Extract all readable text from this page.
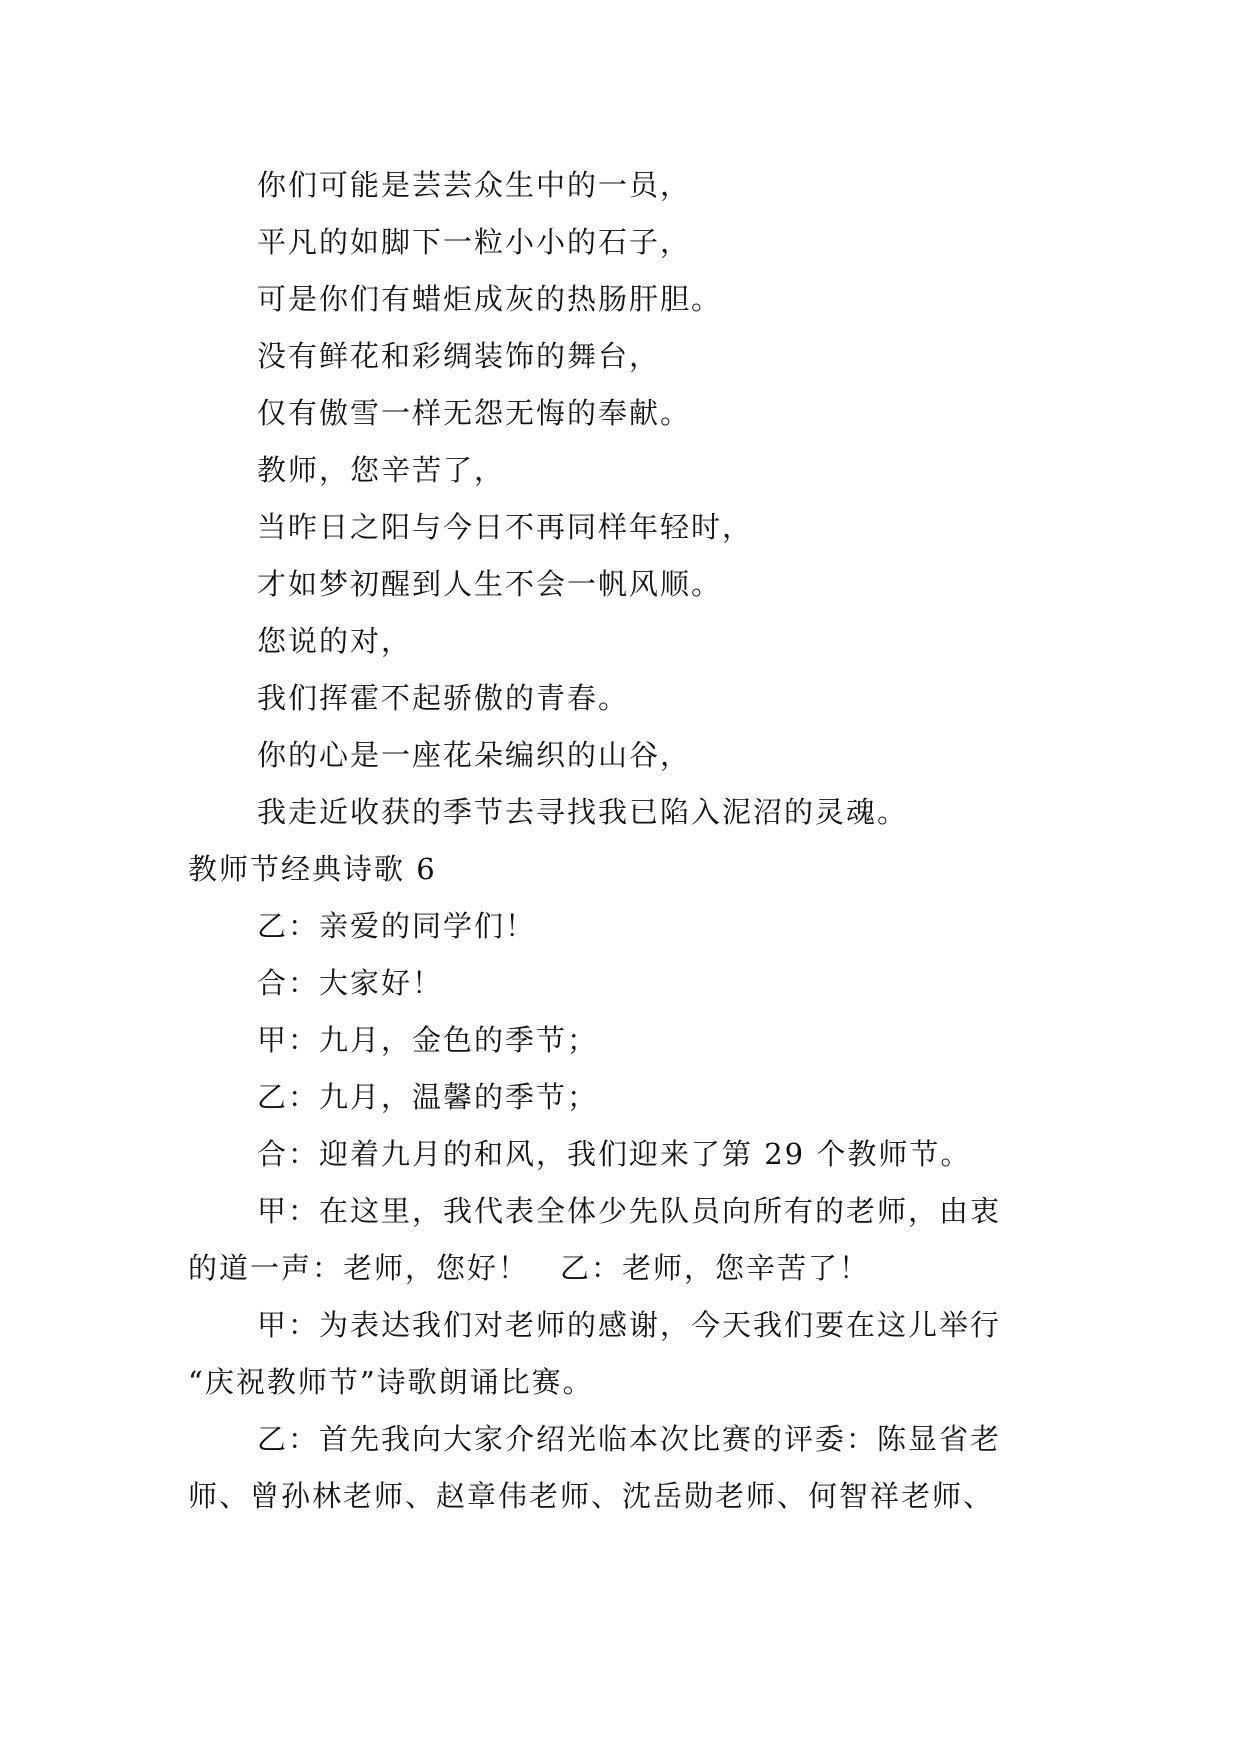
你们可能是芸芸众生中的一员，
平凡的如脚下一粒小小的石子，
可是你们有蜡炬成灰的热肠肝胆。
没有鲜花和彩绸装饰的舞台，
仅有傲雪一样无怨无悔的奉献。
教师，您辛苦了，
当昨日之阳与今日不再同样年轻时，
才如梦初醒到人生不会一帆风顺。
您说的对，
我们挥霍不起骄傲的青春。
你的心是一座花朵编织的山谷，
我走近收获的季节去寻找我已陷入泥沼的灵魂。
教师节经典诗歌 6
乙：亲爱的同学们！
合：大家好！
甲：九月，金色的季节；
乙：九月，温馨的季节；
合：迎着九月的和风，我们迎来了第 29 个教师节。
甲：在这里，我代表全体少先队员向所有的老师，由衷
的道一声：老师，您好！　乙：老师，您辛苦了！
甲：为表达我们对老师的感谢，今天我们要在这儿举行
“庆祝教师节”诗歌朗诵比赛。
乙：首先我向大家介绍光临本次比赛的评委：陈显省老
师、曾孙林老师、赵章伟老师、沈岳勋老师、何智祥老师、
